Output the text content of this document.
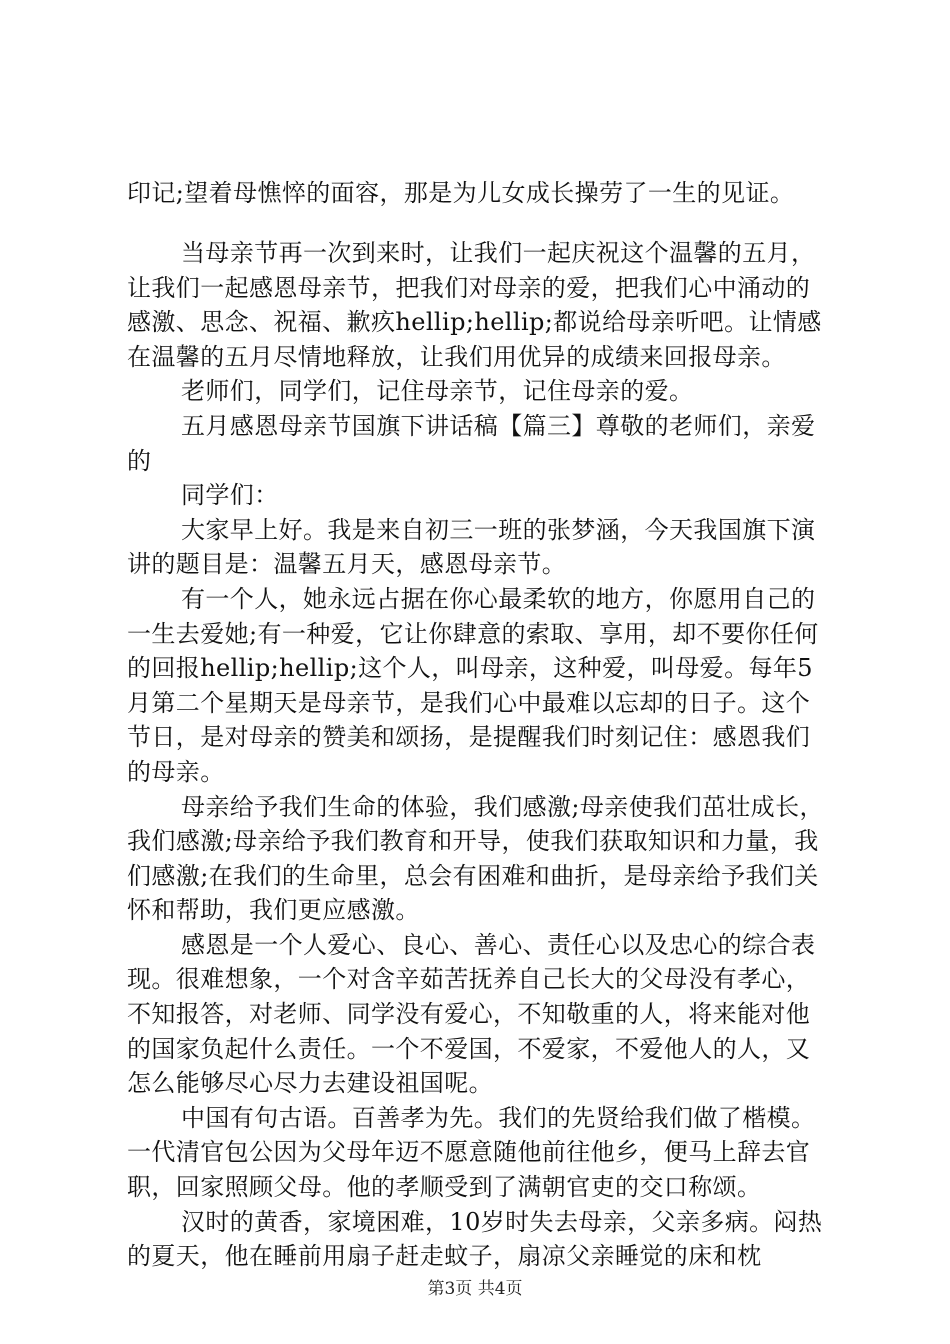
印记;望着母憔悴的面容，那是为儿女成长操劳了一生的见证。

当母亲节再一次到来时，让我们一起庆祝这个温馨的五月，让我们一起感恩母亲节，把我们对母亲的爱，把我们心中涌动的感激、思念、祝福、歉疚hellip;hellip;都说给母亲听吧。让情感在温馨的五月尽情地释放，让我们用优异的成绩来回报母亲。

老师们，同学们，记住母亲节，记住母亲的爱。

五月感恩母亲节国旗下讲话稿【篇三】尊敬的老师们，亲爱的

同学们：

大家早上好。我是来自初三一班的张梦涵，今天我国旗下演讲的题目是：温馨五月天，感恩母亲节。

有一个人，她永远占据在你心最柔软的地方，你愿用自己的一生去爱她;有一种爱，它让你肆意的索取、享用，却不要你任何的回报hellip;hellip;这个人，叫母亲，这种爱，叫母爱。每年5月第二个星期天是母亲节，是我们心中最难以忘却的日子。这个节日，是对母亲的赞美和颂扬，是提醒我们时刻记住：感恩我们的母亲。

母亲给予我们生命的体验，我们感激;母亲使我们茁壮成长，我们感激;母亲给予我们教育和开导，使我们获取知识和力量，我们感激;在我们的生命里，总会有困难和曲折，是母亲给予我们关怀和帮助，我们更应感激。

感恩是一个人爱心、良心、善心、责任心以及忠心的综合表现。很难想象，一个对含辛茹苦抚养自己长大的父母没有孝心，不知报答，对老师、同学没有爱心，不知敬重的人，将来能对他的国家负起什么责任。一个不爱国，不爱家，不爱他人的人，又怎么能够尽心尽力去建设祖国呢。

中国有句古语。百善孝为先。我们的先贤给我们做了楷模。一代清官包公因为父母年迈不愿意随他前往他乡，便马上辞去官职，回家照顾父母。他的孝顺受到了满朝官吏的交口称颂。

汉时的黄香，家境困难，10岁时失去母亲，父亲多病。闷热的夏天，他在睡前用扇子赶走蚊子，扇凉父亲睡觉的床和枕

第3页 共4页
